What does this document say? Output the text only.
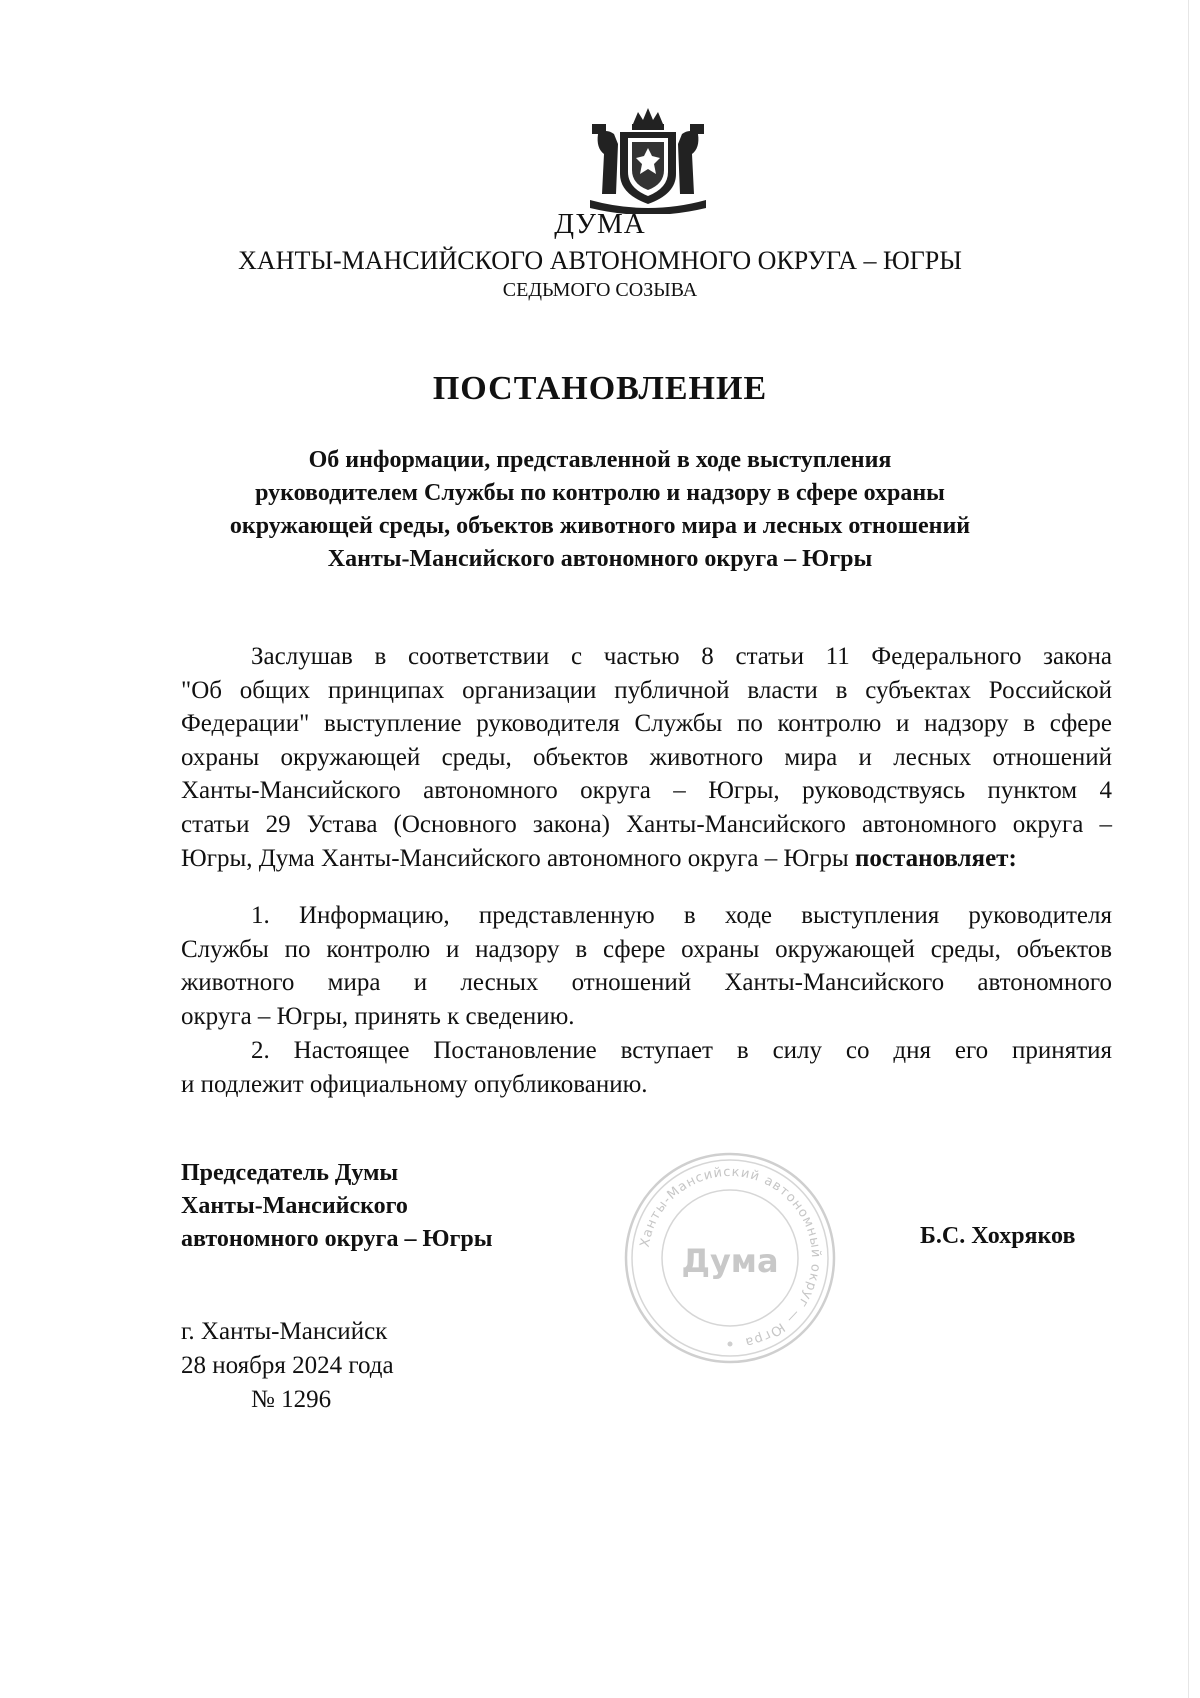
ДУМА
ХАНТЫ-МАНСИЙСКОГО АВТОНОМНОГО ОКРУГА – ЮГРЫ
СЕДЬМОГО СОЗЫВА
ПОСТАНОВЛЕНИЕ
Об информации, представленной в ходе выступления
руководителем Службы по контролю и надзору в сфере охраны
окружающей среды, объектов животного мира и лесных отношений
Ханты-Мансийского автономного округа – Югры
Заслушав в соответствии с частью 8 статьи 11 Федерального закона
"Об общих принципах организации публичной власти в субъектах Российской
Федерации" выступление руководителя Службы по контролю и надзору в сфере
охраны окружающей среды, объектов животного мира и лесных отношений
Ханты-Мансийского автономного округа – Югры, руководствуясь пунктом 4
статьи 29 Устава (Основного закона) Ханты-Мансийского автономного округа –
Югры, Дума Ханты-Мансийского автономного округа – Югры постановляет:
1. Информацию, представленную в ходе выступления руководителя
Службы по контролю и надзору в сфере охраны окружающей среды, объектов
животного мира и лесных отношений Ханты-Мансийского автономного
округа – Югры, принять к сведению.
2. Настоящее Постановление вступает в силу со дня его принятия
и подлежит официальному опубликованию.
Председатель Думы
Ханты-Мансийского
автономного округа – Югры	Б.С. Хохряков
Ханты-Мансийский автономный округ — Югра
Дума
г. Ханты-Мансийск
28 ноября 2024 года
№ 1296
